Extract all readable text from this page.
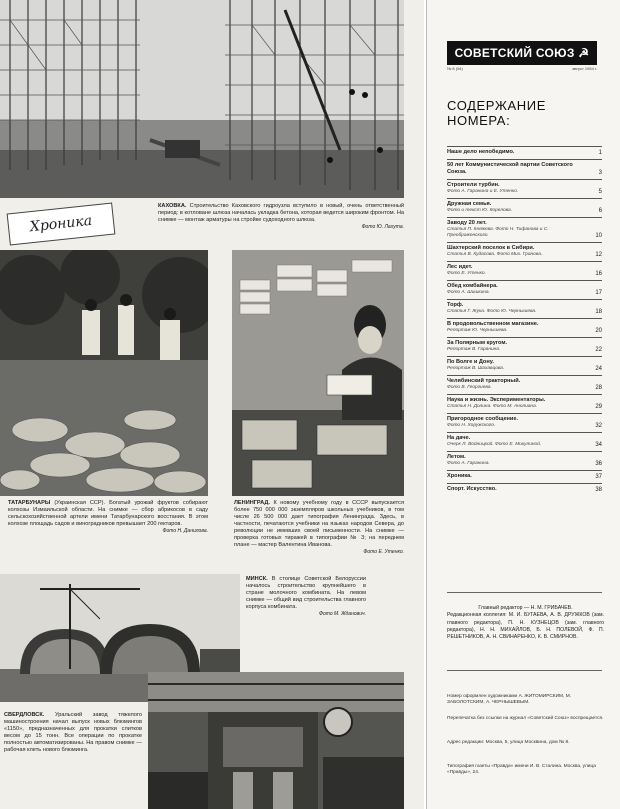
Хроника
КАХОВКА. Строительство Каховского гидроузла вступило в новый, очень ответственный период: в котловане шлюза началась укладка бетона, которая ведется широким фронтом. На снимке — монтаж арматуры на стройке судоходного шлюза.
Фото Ю. Лахута.
ТАТАРБУНАРЫ (Украинская ССР). Богатый урожай фруктов собирают колхозы Измаильской области. На снимке — сбор абрикосов в саду сельскохозяйственной артели имени Татарбунарского восстания. В этом колхозе площадь садов и виноградников превышает 200 гектаров.
Фото Н. Данилова.
ЛЕНИНГРАД. К новому учебному году в СССР выпускается более 750 000 000 экземпляров школьных учебников, в том числе 26 500 000 дает типография Ленинграда. Здесь, в частности, печатаются учебники на языках народов Севера, до революции не имевших своей письменности. На снимке — проверка готовых тиражей в типографии № 3; на переднем плане — мастер Валентина Иванова.
Фото Е. Утенко.
МИНСК. В столице Советской Белоруссии началось строительство крупнейшего в стране молочного комбината. На левом снимке — общий вид строительства главного корпуса комбината.
Фото М. Жданович.
СВЕРДЛОВСК. Уральский завод тяжелого машиностроения начал выпуск новых блюмингов «1150», предназначенных для прокатки слитков весом до 15 тонн. Все операции по прокатке полностью автоматизированы. На правом снимке — рабочая клеть нового блюминга.
СОВЕТСКИЙ СОЮЗ ☭
№ 8 (54)	август 1954 г.
СОДЕРЖАНИЕ НОМЕРА:
Наше дело непобедимо.	1
50 лет Коммунистической партии Советского Союза.	3
Строители турбин.
Фото А. Гаранина и Е. Утенко.	5
Дружная семья.
Фото и текст Ю. Корелова.	6
Заводу 20 лет.
Статья П. Княжева. Фото Н. Тифанова и С. Преображенского.	10
Шахтерский поселок в Сибири.
Статья В. Кудасова. Фото Мих. Гранова.	12
Лес идет.
Фото Е. Утенко.	16
Обед комбайнера.
Фото А. Шишкина.	17
Торф.
Статья Г. Жука. Фото Ю. Чернышева.	18
В продовольственном магазине.
Репортаж Ю. Чернышева.	20
За Полярным кругом.
Репортаж В. Гаранина.	22
По Волге и Дону.
Репортаж В. Шахавцова.	24
Челябинский тракторный.
Фото В. Георгиева.	28
Наука и жизнь. Экспериментаторы.
Статья Н. Долина. Фото М. Анолиана.	29
Пригородное сообщение.
Фото Н. Хоружского.	32
На даче.
Очерк Л. Войницкой. Фото Е. Микулиной.	34
Летом.
Фото А. Гаранина.	36
Хроника.	37
Спорт. Искусство.	38
Главный редактор — Н. М. ГРИБАЧЕВ.
Редакционная коллегия: М. И. БУГАЕВА, А. В. ДРУЖКОВ (зам. главного редактора), П. Н. КУЗНЕЦОВ (зам. главного редактора), Н. Н. МИХАЙЛОВ, Б. Н. ПОЛЕВОЙ, Ф. П. РЕШЕТНИКОВ, А. Н. СВИНАРЕНКО, К. В. СМИРНОВ.
Номер оформлен художниками А. ЖИТОМИРСКИМ, М. ЗАБОЛОТСКИМ, А. ЧЕРНЫШЕВЫМ.
Перепечатка без ссылки на журнал «Советский Союз» воспрещается.
Адрес редакции: Москва, 5, улица Москвина, дом № 8.
Типография газеты «Правда» имени И. В. Сталина. Москва, улица «Правды», 24.
